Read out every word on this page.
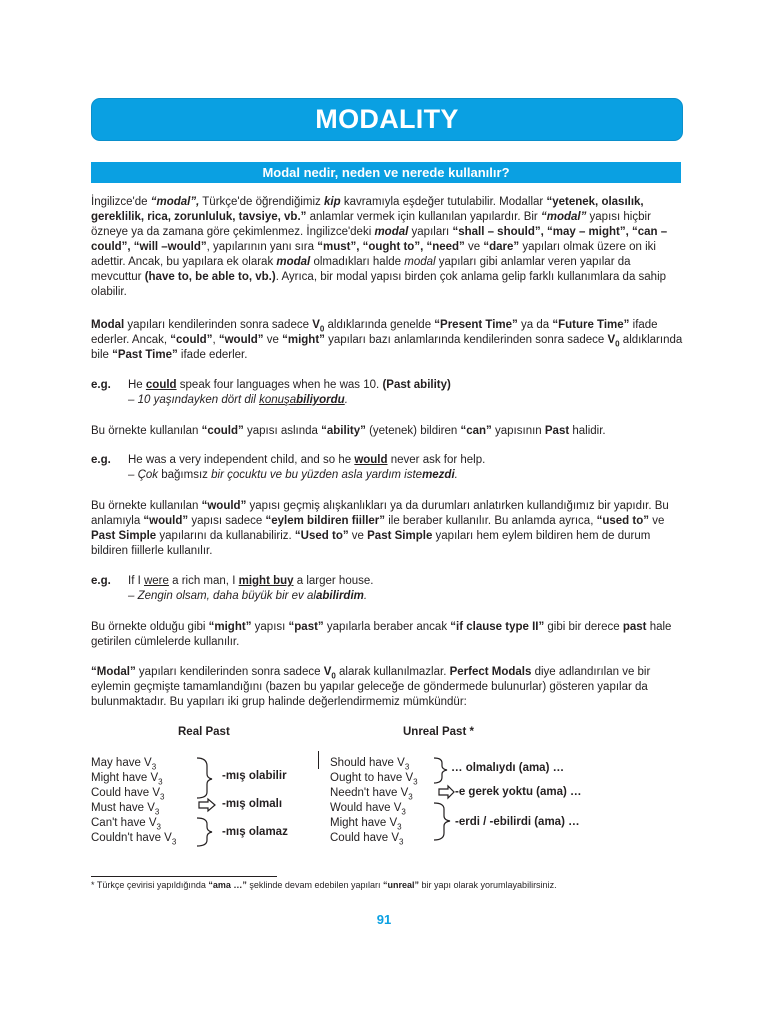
MODALITY
Modal nedir, neden ve nerede kullanılır?

İngilizce'de “modal”, Türkçe'de öğrendiğimiz kip kavramıyla eşdeğer tutulabilir. Modallar “yetenek, olasılık, gereklilik, rica, zorunluluk, tavsiye, vb.” anlamlar vermek için kullanılan yapılardır. Bir “modal” yapısı hiçbir özneye ya da zamana göre çekimlenmez. İngilizce'deki modal yapıları “shall – should”, “may – might”, “can – could”, “will –would”, yapılarının yanı sıra “must”, “ought to”, “need” ve “dare” yapıları olmak üzere on iki adettir. Ancak, bu yapılara ek olarak modal olmadıkları halde modal yapıları gibi anlamlar veren yapılar da mevcuttur (have to, be able to, vb.). Ayrıca, bir modal yapısı birden çok anlama gelip farklı kullanımlara da sahip olabilir.

Modal yapıları kendilerinden sonra sadece $V_0$ aldıklarında genelde “Present Time” ya da “Future Time” ifade ederler. Ancak, “could”, “would” ve “might” yapıları bazı anlamlarında kendilerinden sonra sadece $V_0$ aldıklarında bile “Past Time” ifade ederler.

e.g. He could speak four languages when he was 10. (Past ability)
– 10 yaşındayken dört dil konuşabiliyordu.

Bu örnekte kullanılan “could” yapısı aslında “ability” (yetenek) bildiren “can” yapısının Past halidir.

e.g. He was a very independent child, and so he would never ask for help.
– Çok bağımsız bir çocuktu ve bu yüzden asla yardım istemezdi.

Bu örnekte kullanılan “would” yapısı geçmiş alışkanlıkları ya da durumları anlatırken kullandığımız bir yapıdır. Bu anlamıyla “would” yapısı sadece “eylem bildiren fiiller” ile beraber kullanılır. Bu anlamda ayrıca, “used to” ve Past Simple yapılarını da kullanabiliriz. “Used to” ve Past Simple yapıları hem eylem bildiren hem de durum bildiren fiillerle kullanılır.

e.g. If I were a rich man, I might buy a larger house.
– Zengin olsam, daha büyük bir ev alabilirdim.

Bu örnekte olduğu gibi “might” yapısı “past” yapılarla beraber ancak “if clause type II” gibi bir derece past hale getirilen cümlelerde kullanılır.

“Modal” yapıları kendilerinden sonra sadece $V_0$ alarak kullanılmazlar. Perfect Modals diye adlandırılan ve bir eylemin geçmişte tamamlandığını (bazen bu yapılar geleceğe de göndermede bulunurlar) gösteren yapılar da bulunmaktadır. Bu yapıları iki grup halinde değerlendirmemiz mümkündür:

Real Past	Unreal Past *
May have $V_3$
Might have $V_3$
Could have $V_3$
Must have $V_3$
Can't have $V_3$
Couldn't have $V_3$
-mış olabilir
-mış olmalı
-mış olamaz
Should have $V_3$
Ought to have $V_3$
Needn't have $V_3$
Would have $V_3$
Might have $V_3$
Could have $V_3$
… olmalıydı (ama) …
-e gerek yoktu (ama) …
-erdi / -ebilirdi (ama) …
* Türkçe çevirisi yapıldığında “ama …” şeklinde devam edebilen yapıları “unreal” bir yapı olarak yorumlayabilirsiniz.
91
